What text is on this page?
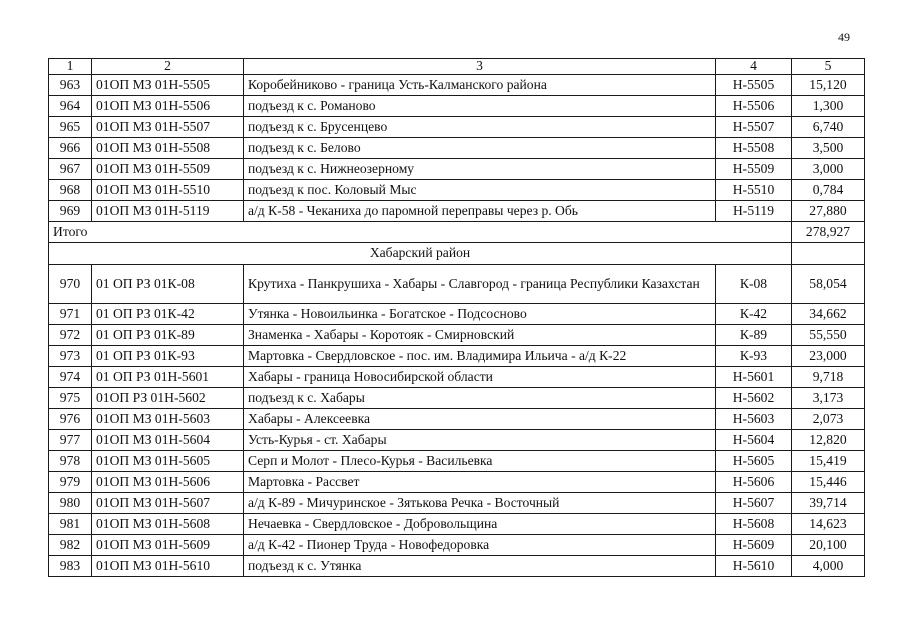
49
1	2	3	4	5
963	01ОП МЗ 01Н-5505	Коробейниково - граница Усть-Калманского района	Н-5505	15,120
964	01ОП МЗ 01Н-5506	подъезд к с. Романово	Н-5506	1,300
965	01ОП МЗ 01Н-5507	подъезд к с. Брусенцево	Н-5507	6,740
966	01ОП МЗ 01Н-5508	подъезд к с. Белово	Н-5508	3,500
967	01ОП МЗ 01Н-5509	подъезд к с. Нижнеозерному	Н-5509	3,000
968	01ОП МЗ 01Н-5510	подъезд к пос. Коловый Мыс	Н-5510	0,784
969	01ОП МЗ 01Н-5119	а/д К-58 - Чеканиха до паромной переправы через р. Обь	Н-5119	27,880
Итого				278,927
Хабарский район				
970	01 ОП РЗ 01К-08	Крутиха - Панкрушиха - Хабары - Славгород - граница Республики Казахстан	К-08	58,054
971	01 ОП РЗ 01К-42	Утянка - Новоильинка - Богатское - Подсосново	К-42	34,662
972	01 ОП РЗ 01К-89	Знаменка - Хабары - Коротояк - Смирновский	К-89	55,550
973	01 ОП РЗ 01К-93	Мартовка - Свердловское - пос. им. Владимира Ильича - а/д К-22	К-93	23,000
974	01 ОП РЗ 01Н-5601	Хабары - граница Новосибирской области	Н-5601	9,718
975	01ОП РЗ 01Н-5602	подъезд к с. Хабары	Н-5602	3,173
976	01ОП МЗ 01Н-5603	Хабары - Алексеевка	Н-5603	2,073
977	01ОП МЗ 01Н-5604	Усть-Курья - ст. Хабары	Н-5604	12,820
978	01ОП МЗ 01Н-5605	Серп и Молот - Плесо-Курья - Васильевка	Н-5605	15,419
979	01ОП МЗ 01Н-5606	Мартовка - Рассвет	Н-5606	15,446
980	01ОП МЗ 01Н-5607	а/д К-89 - Мичуринское - Зятькова Речка - Восточный	Н-5607	39,714
981	01ОП МЗ 01Н-5608	Нечаевка - Свердловское - Добровольщина	Н-5608	14,623
982	01ОП МЗ 01Н-5609	а/д К-42 - Пионер Труда - Новофедоровка	Н-5609	20,100
983	01ОП МЗ 01Н-5610	подъезд к с. Утянка	Н-5610	4,000
